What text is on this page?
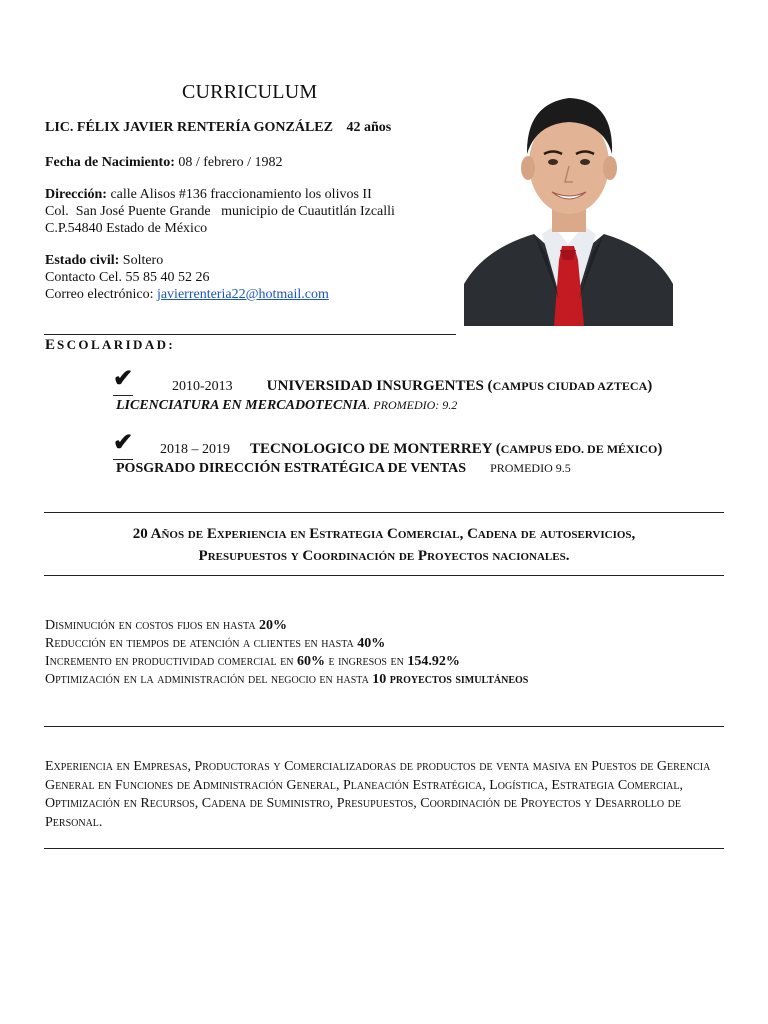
CURRICULUM
LIC. FÉLIX JAVIER RENTERÍA GONZÁLEZ 42 años
Fecha de Nacimiento: 08 / febrero / 1982
Dirección: calle Alisos #136 fraccionamiento los olivos II
Col.  San José Puente Grande   municipio de Cuautitlán Izcalli
C.P.54840 Estado de México
Estado civil: Soltero
Contacto Cel. 55 85 40 52 26
Correo electrónico: javierrenteria22@hotmail.com
ESCOLARIDAD:
✔	2010-2013 UNIVERSIDAD INSURGENTES (CAMPUS CIUDAD AZTECA)
LICENCIATURA EN MERCADOTECNIA. PROMEDIO: 9.2
✔ 2018 – 2019 TECNOLOGICO DE MONTERREY (CAMPUS EDO. DE MÉXICO)
POSGRADO DIRECCIÓN ESTRATÉGICA DE VENTAS PROMEDIO 9.5
20 Años de Experiencia en Estrategia Comercial, Cadena de autoservicios,
Presupuestos y Coordinación de Proyectos nacionales.
Disminución en costos fijos en hasta 20%
Reducción en tiempos de atención a clientes en hasta 40%
Incremento en productividad comercial en 60% e ingresos en 154.92%
Optimización en la administración del negocio en hasta 10 proyectos simultáneos
Experiencia en Empresas, Productoras y Comercializadoras de productos de venta masiva en Puestos de Gerencia General en Funciones de Administración General, Planeación Estratégica, Logística, Estrategia Comercial, Optimización en Recursos, Cadena de Suministro, Presupuestos, Coordinación de Proyectos y Desarrollo de Personal.
